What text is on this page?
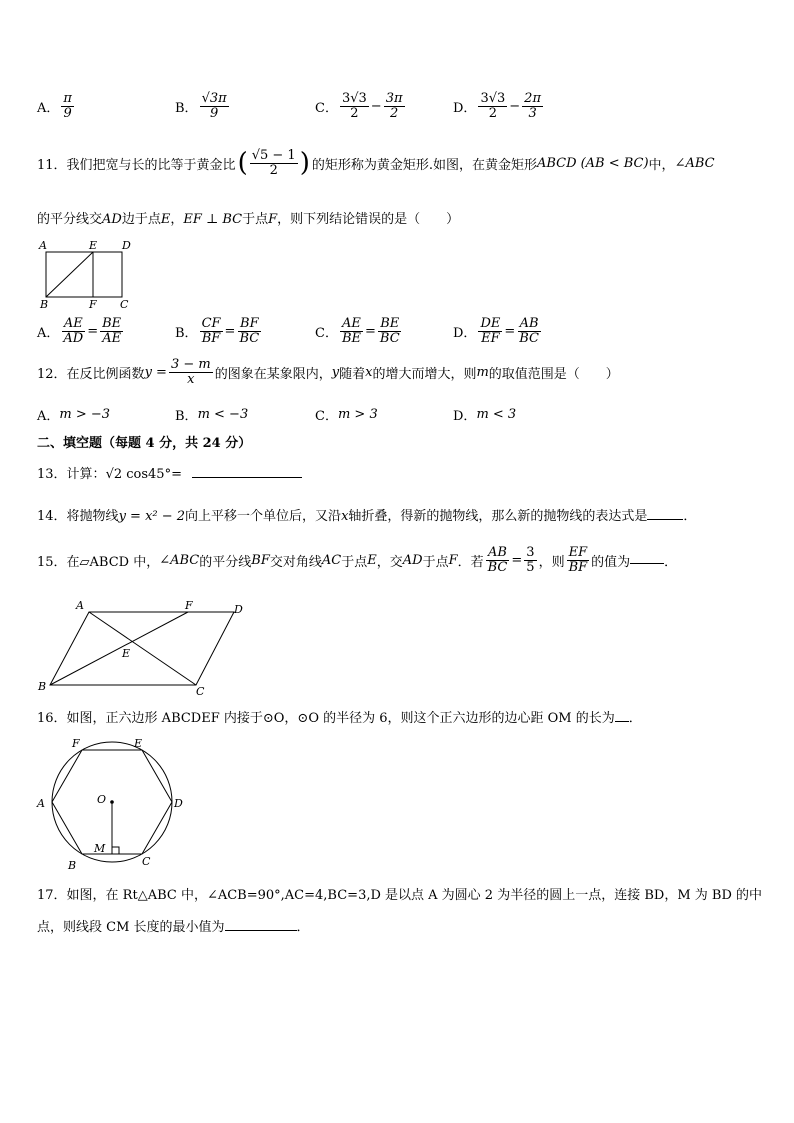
A． $\frac{\pi}{9}$	B． $\frac{√3\pi}{9}$	C． $\frac{3√3}{2} - \frac{3\pi}{2}$	D． $\frac{3√3}{2} - \frac{2\pi}{3}$
11． 我们把宽与长的比等于黄金比 ( $\frac{√5 - 1}{2}$ ) 的矩形称为黄金矩形.如图，在黄金矩形 ABCD (AB < BC) 中， ∠ABC
的平分线交AD边于点E，EF ⊥ BC于点F，则下列结论错误的是（　　）
A	E D
B	F C
A． $\frac{AE}{AD} = \frac{BE}{AE}$	B． $\frac{CF}{BF} = \frac{BF}{BC}$	C． $\frac{AE}{BE} = \frac{BE}{BC}$	D． $\frac{DE}{EF} = \frac{AB}{BC}$
12． 在反比例函数 $y = \frac{3 - m}{x}$ 的图象在某象限内， y 随着 x 的增大而增大，则 m 的取值范围是（　　）
A． m > −3	B． m < −3	C． m > 3	D． m < 3
二、填空题（每题 4 分，共 24 分）
13．计算：√2 cos45°=
14．将抛物线y = x² − 2向上平移一个单位后，又沿x轴折叠，得新的抛物线，那么新的抛物线的表达式是	．
15． 在▱ABCD 中， ∠ABC 的平分线 BF 交对角线 AC 于点 E ，交 AD 于点 F ．若 $\frac{AB}{BC} = \frac{3}{5}$ ，则 $\frac{EF}{BF}$ 的值为	．
A	F	D
E
B	C
16．如图，正六边形 ABCDEF 内接于⊙O，⊙O 的半径为 6，则这个正六边形的边心距 OM 的长为 ．
F	E
A	D
O
M
B	C
17．如图，在 Rt△ABC 中，∠ACB=90°,AC=4,BC=3,D 是以点 A 为圆心 2 为半径的圆上一点，连接 BD，M 为 BD 的中
点，则线段 CM 长度的最小值为	．
